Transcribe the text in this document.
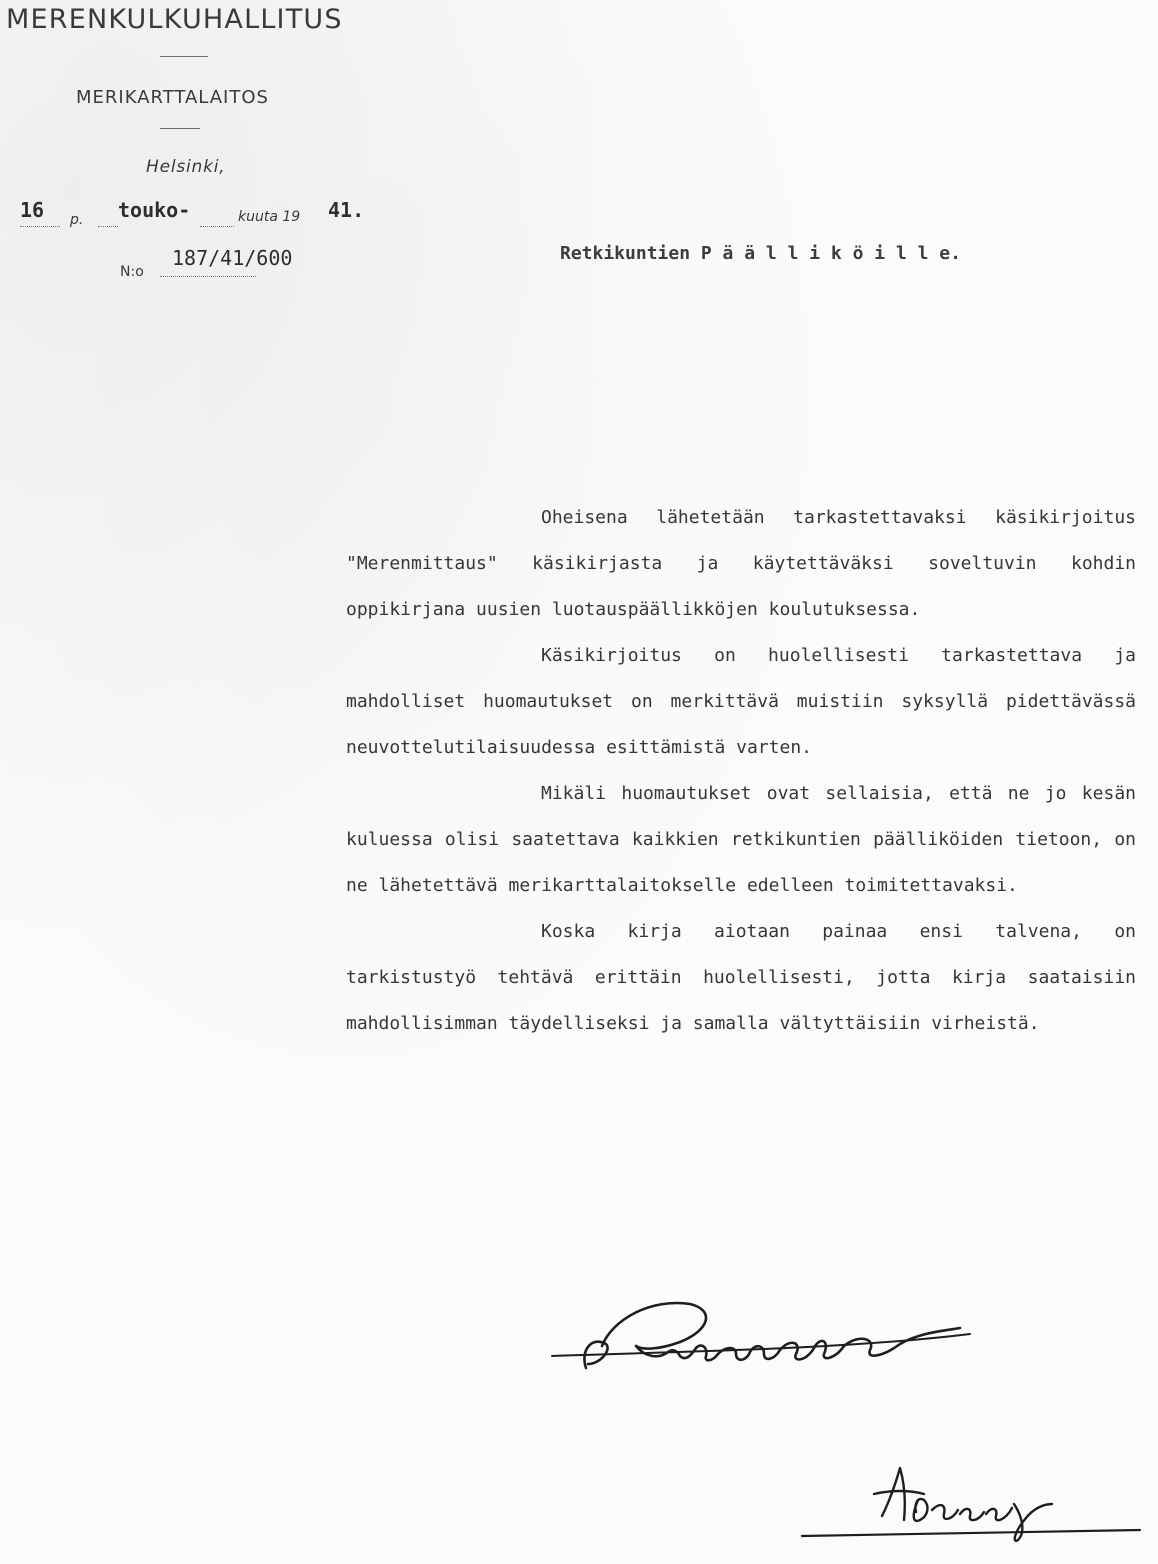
MERENKULKUHALLITUS
MERIKARTTALAITOS
Helsinki,
16 p. touko-	kuuta 19 41.
N:o
187/41/600	Retkikuntien P ä ä l l i k ö i l l e.

Oheisena lähetetään tarkastettavaksi käsikirjoitus "Merenmittaus" käsikirjasta ja käytettäväksi soveltuvin kohdin oppikirjana uusien luotauspäällikköjen koulutuksessa.

Käsikirjoitus on huolellisesti tarkastettava ja mahdolliset huomautukset on merkittävä muistiin syksyllä pidettävässä neuvottelutilaisuudessa esittämistä varten.

Mikäli huomautukset ovat sellaisia, että ne jo kesän kuluessa olisi saatettava kaikkien retkikuntien päälliköiden tietoon, on ne lähetettävä merikarttalaitokselle edelleen toimitettavaksi.

Koska kirja aiotaan painaa ensi talvena, on tarkistustyö tehtävä erittäin huolellisesti, jotta kirja saataisiin mahdollisimman täydelliseksi ja samalla vältyttäisiin virheistä.
